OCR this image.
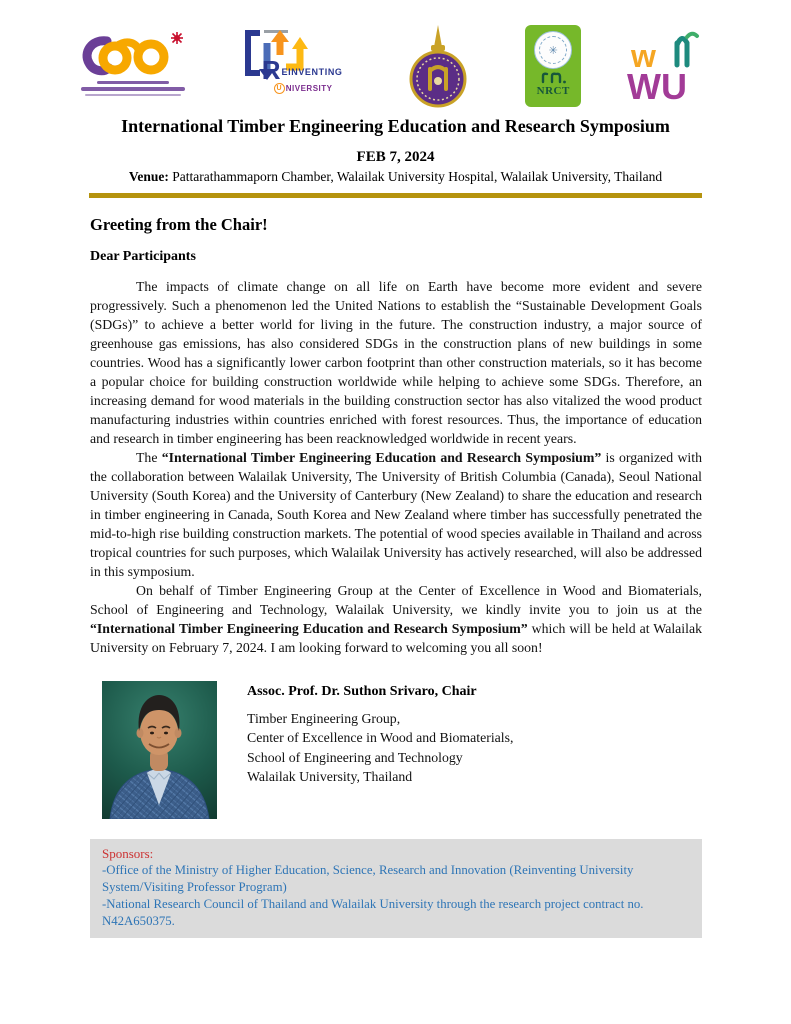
R EINVENTING
U NIVERSITY
✳
NRCT
w
WU
International Timber Engineering Education and Research Symposium
FEB 7, 2024
Venue: Pattarathammaporn Chamber, Walailak University Hospital, Walailak University, Thailand
Greeting from the Chair!
Dear Participants

The impacts of climate change on all life on Earth have become more evident and severe progressively. Such a phenomenon led the United Nations to establish the “Sustainable Development Goals (SDGs)” to achieve a better world for living in the future. The construction industry, a major source of greenhouse gas emissions, has also considered SDGs in the construction plans of new buildings in some countries. Wood has a significantly lower carbon footprint than other construction materials, so it has become a popular choice for building construction worldwide while helping to achieve some SDGs. Therefore, an increasing demand for wood materials in the building construction sector has also vitalized the wood product manufacturing industries within countries enriched with forest resources. Thus, the importance of education and research in timber engineering has been reacknowledged worldwide in recent years.

The “International Timber Engineering Education and Research Symposium” is organized with the collaboration between Walailak University, The University of British Columbia (Canada), Seoul National University (South Korea) and the University of Canterbury (New Zealand) to share the education and research in timber engineering in Canada, South Korea and New Zealand where timber has successfully penetrated the mid-to-high rise building construction markets. The potential of wood species available in Thailand and across tropical countries for such purposes, which Walailak University has actively researched, will also be addressed in this symposium.

On behalf of Timber Engineering Group at the Center of Excellence in Wood and Biomaterials, School of Engineering and Technology, Walailak University, we kindly invite you to join us at the “International Timber Engineering Education and Research Symposium” which will be held at Walailak University on February 7, 2024. I am looking forward to welcoming you all soon!

Assoc. Prof. Dr. Suthon Srivaro, Chair
Timber Engineering Group,
Center of Excellence in Wood and Biomaterials,
School of Engineering and Technology
Walailak University, Thailand
Sponsors:
-Office of the Ministry of Higher Education, Science, Research and Innovation (Reinventing University System/Visiting Professor Program)
-National Research Council of Thailand and Walailak University through the research project contract no. N42A650375.
